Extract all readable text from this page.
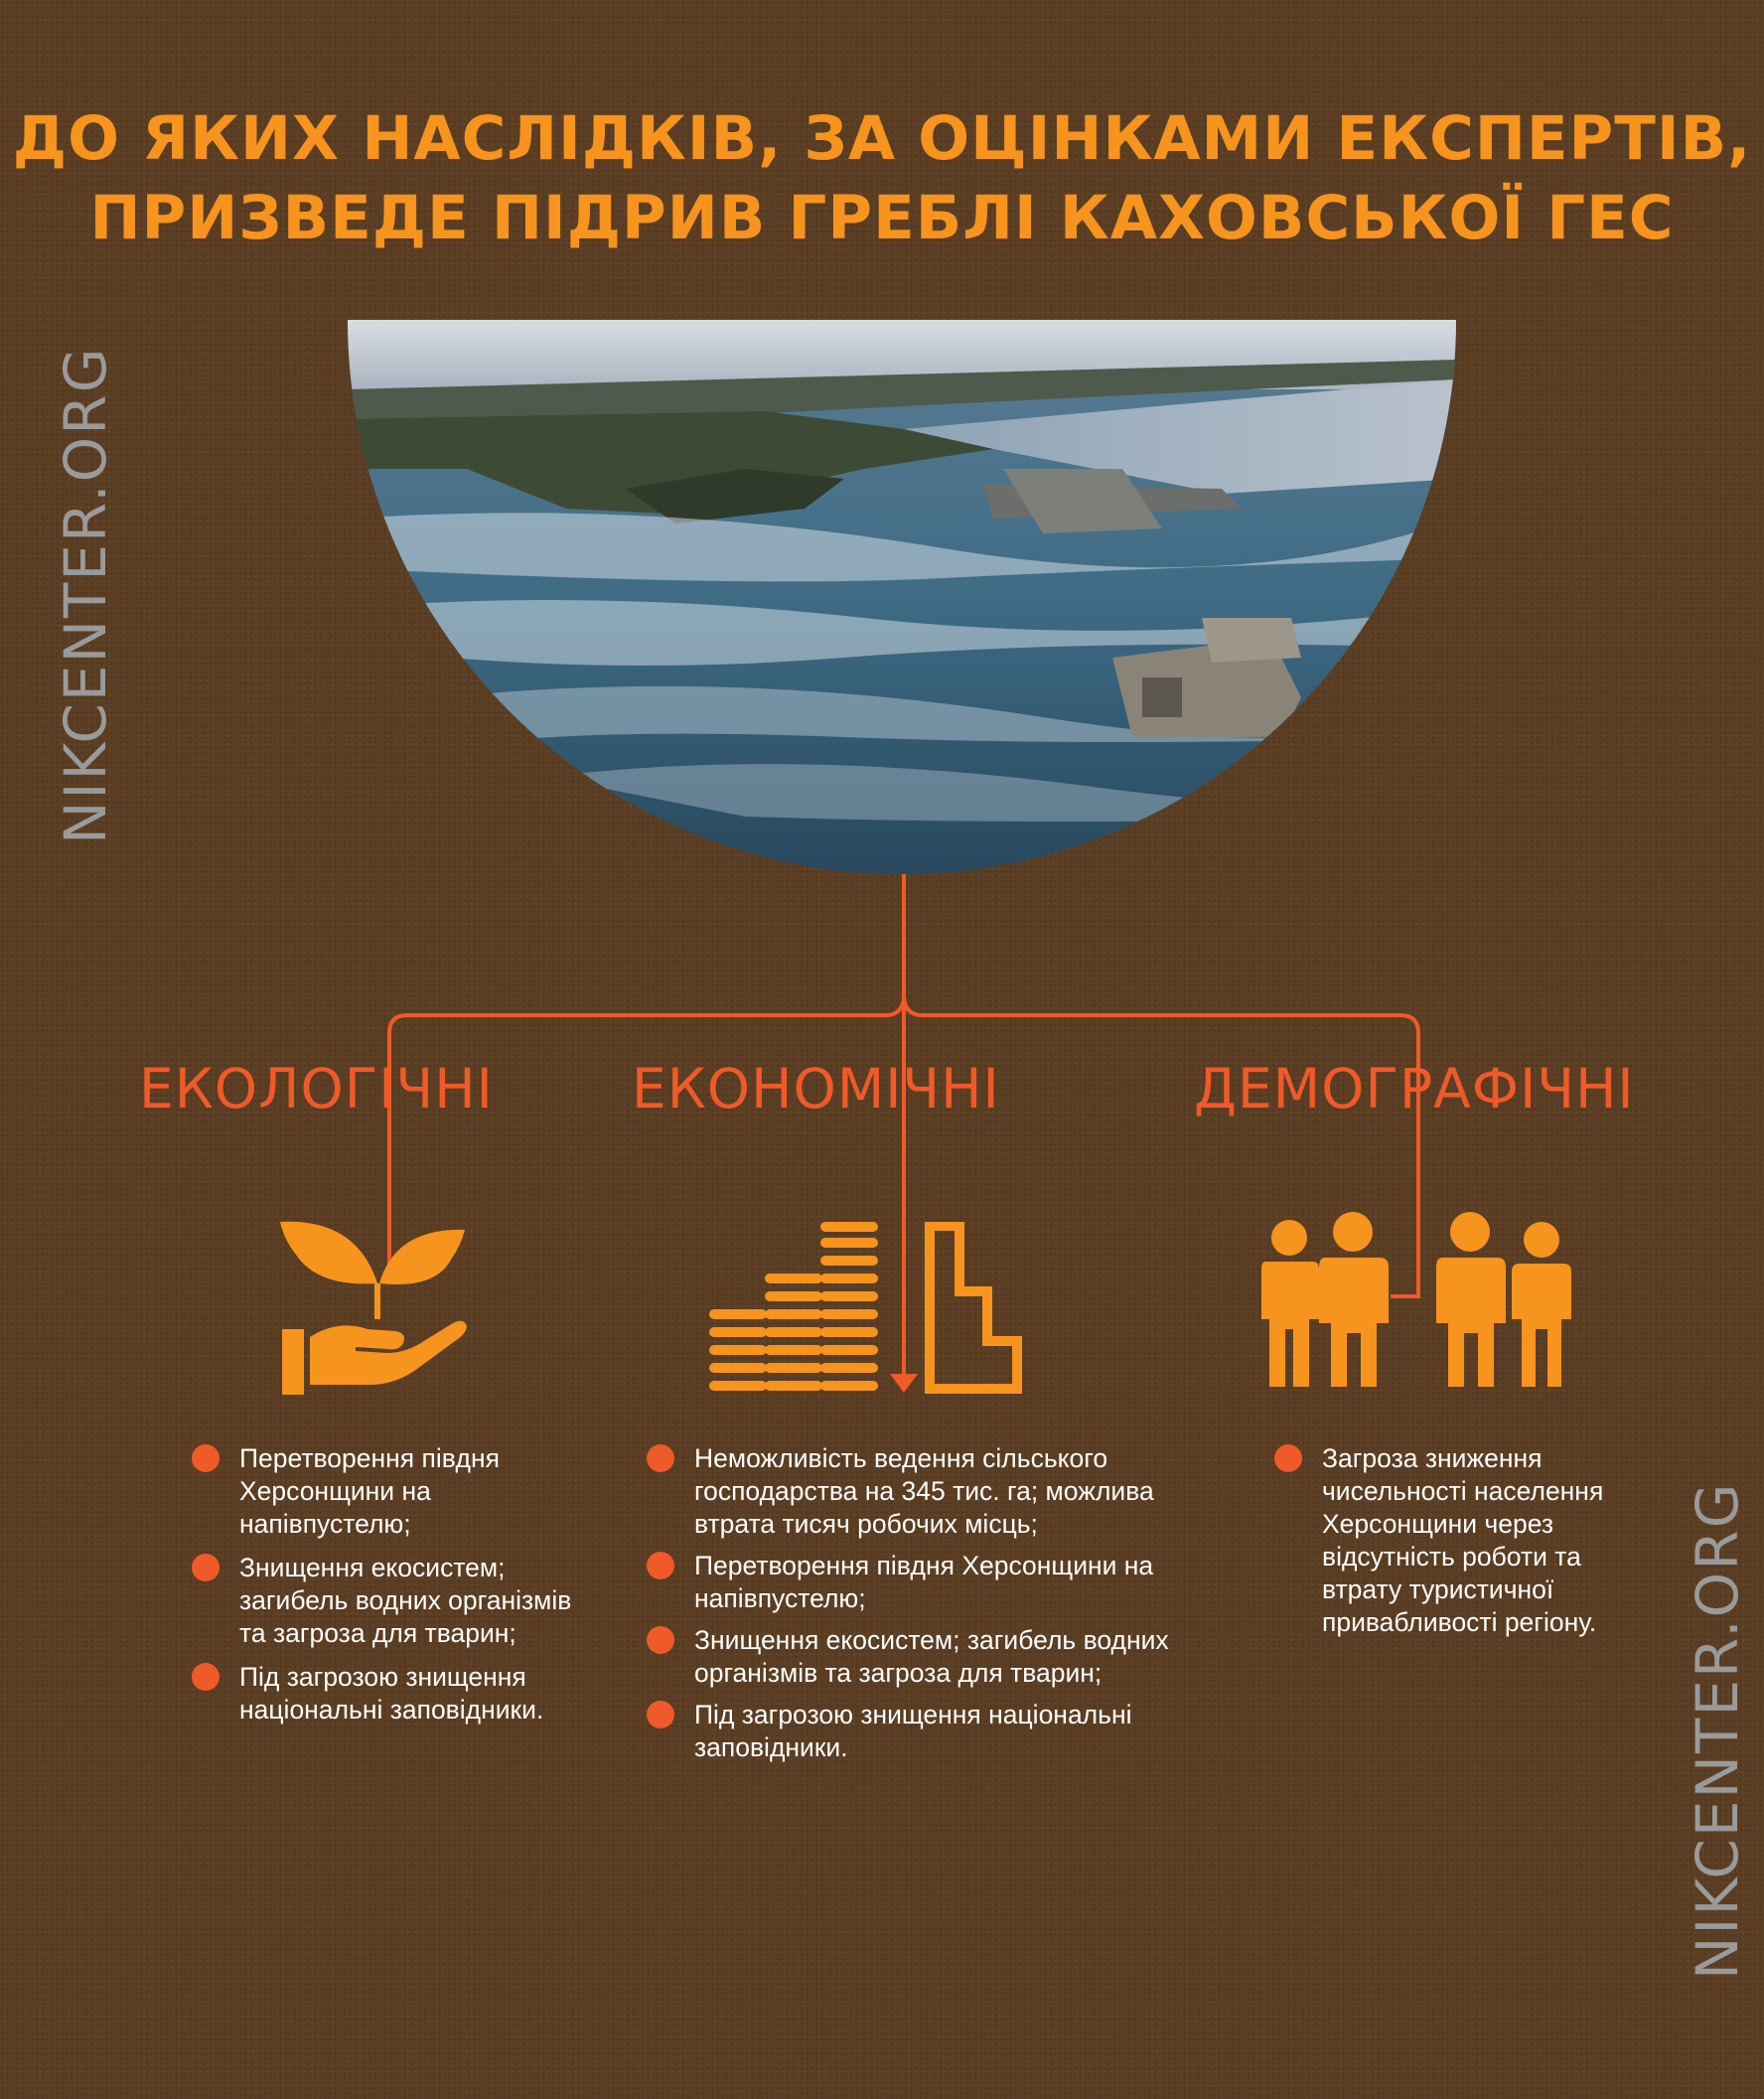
ДО ЯКИХ НАСЛІДКІВ, ЗА ОЦІНКАМИ ЕКСПЕРТІВ,
ПРИЗВЕДЕ ПІДРИВ ГРЕБЛІ КАХОВСЬКОЇ ГЕС
NIKCENTER.ORG
NIKCENTER.ORG
ЕКОЛОГІЧНІ	ЕКОНОМІЧНІ	ДЕМОГРАФІЧНІ
Перетворення півдня Херсонщини на напівпустелю;
Знищення екосистем; загибель водних організмів та загроза для тварин;
Під загрозою знищення національні заповідники.
Неможливість ведення сільського господарства на 345 тис. га; можлива втрата тисяч робочих місць;
Перетворення півдня Херсонщини на напівпустелю;
Знищення екосистем; загибель водних організмів та загроза для тварин;
Під загрозою знищення національні заповідники.
Загроза зниження чисельності населення Херсонщини через відсутність роботи та втрату туристичної привабливості регіону.
